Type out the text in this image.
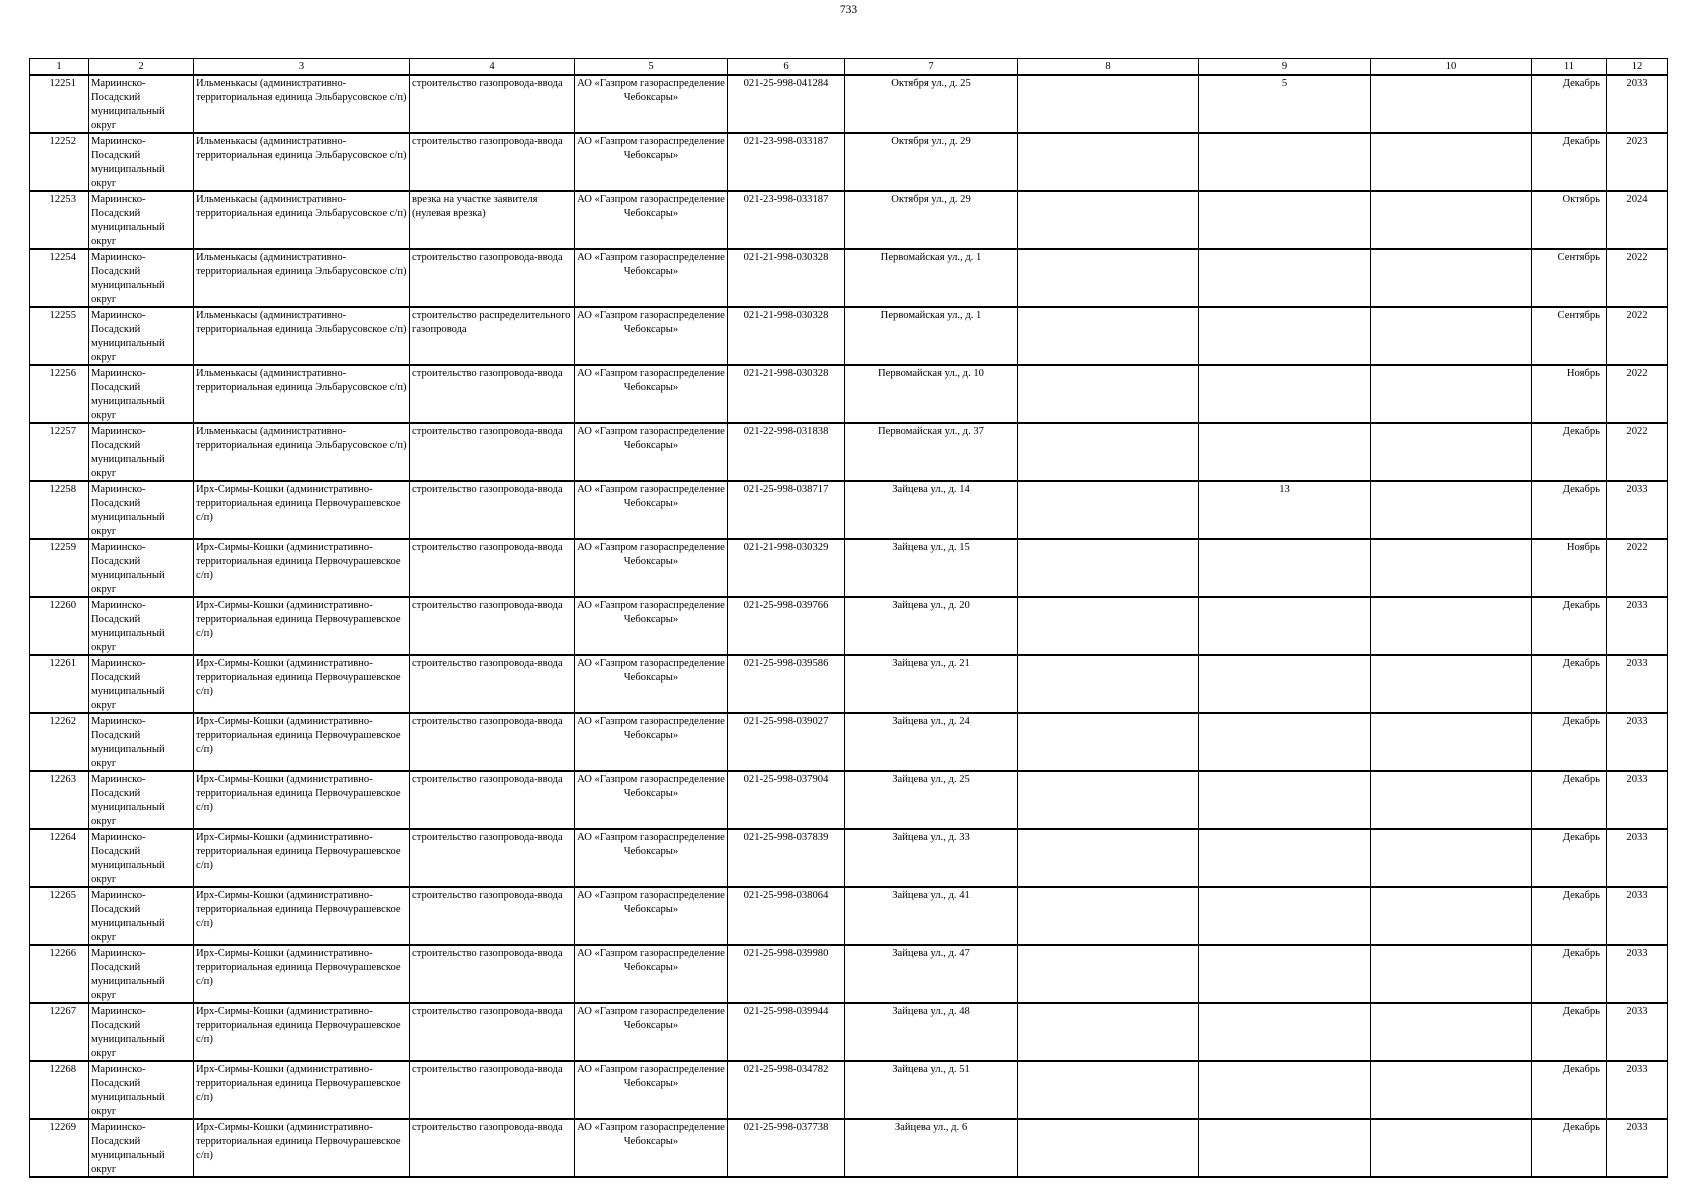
733
1	2	3	4	5	6	7	8	9	10	11	12

12251	Мариинско-Посадский муниципальный округ	Ильменькасы (административно-территориальная единица Эльбарусовское с/п)	строительство газопровода-ввода	АО «Газпром газораспределение Чебоксары»	021-25-998-041284	Октября ул., д. 25		5		Декабрь	2033

12252	Мариинско-Посадский муниципальный округ	Ильменькасы (административно-территориальная единица Эльбарусовское с/п)	строительство газопровода-ввода	АО «Газпром газораспределение Чебоксары»	021-23-998-033187	Октября ул., д. 29				Декабрь	2023

12253	Мариинско-Посадский муниципальный округ	Ильменькасы (административно-территориальная единица Эльбарусовское с/п)	врезка на участке заявителя (нулевая врезка)	АО «Газпром газораспределение Чебоксары»	021-23-998-033187	Октября ул., д. 29				Октябрь	2024

12254	Мариинско-Посадский муниципальный округ	Ильменькасы (административно-территориальная единица Эльбарусовское с/п)	строительство газопровода-ввода	АО «Газпром газораспределение Чебоксары»	021-21-998-030328	Первомайская ул., д. 1				Сентябрь	2022

12255	Мариинско-Посадский муниципальный округ	Ильменькасы (административно-территориальная единица Эльбарусовское с/п)	строительство распределительного газопровода	АО «Газпром газораспределение Чебоксары»	021-21-998-030328	Первомайская ул., д. 1				Сентябрь	2022

12256	Мариинско-Посадский муниципальный округ	Ильменькасы (административно-территориальная единица Эльбарусовское с/п)	строительство газопровода-ввода	АО «Газпром газораспределение Чебоксары»	021-21-998-030328	Первомайская ул., д. 10				Ноябрь	2022

12257	Мариинско-Посадский муниципальный округ	Ильменькасы (административно-территориальная единица Эльбарусовское с/п)	строительство газопровода-ввода	АО «Газпром газораспределение Чебоксары»	021-22-998-031838	Первомайская ул., д. 37				Декабрь	2022

12258	Мариинско-Посадский муниципальный округ	Ирх-Сирмы-Кошки (административно-территориальная единица Первочурашевское с/п)	строительство газопровода-ввода	АО «Газпром газораспределение Чебоксары»	021-25-998-038717	Зайцева ул., д. 14		13		Декабрь	2033

12259	Мариинско-Посадский муниципальный округ	Ирх-Сирмы-Кошки (административно-территориальная единица Первочурашевское с/п)	строительство газопровода-ввода	АО «Газпром газораспределение Чебоксары»	021-21-998-030329	Зайцева ул., д. 15				Ноябрь	2022

12260	Мариинско-Посадский муниципальный округ	Ирх-Сирмы-Кошки (административно-территориальная единица Первочурашевское с/п)	строительство газопровода-ввода	АО «Газпром газораспределение Чебоксары»	021-25-998-039766	Зайцева ул., д. 20				Декабрь	2033

12261	Мариинско-Посадский муниципальный округ	Ирх-Сирмы-Кошки (административно-территориальная единица Первочурашевское с/п)	строительство газопровода-ввода	АО «Газпром газораспределение Чебоксары»	021-25-998-039586	Зайцева ул., д. 21				Декабрь	2033

12262	Мариинско-Посадский муниципальный округ	Ирх-Сирмы-Кошки (административно-территориальная единица Первочурашевское с/п)	строительство газопровода-ввода	АО «Газпром газораспределение Чебоксары»	021-25-998-039027	Зайцева ул., д. 24				Декабрь	2033

12263	Мариинско-Посадский муниципальный округ	Ирх-Сирмы-Кошки (административно-территориальная единица Первочурашевское с/п)	строительство газопровода-ввода	АО «Газпром газораспределение Чебоксары»	021-25-998-037904	Зайцева ул., д. 25				Декабрь	2033

12264	Мариинско-Посадский муниципальный округ	Ирх-Сирмы-Кошки (административно-территориальная единица Первочурашевское с/п)	строительство газопровода-ввода	АО «Газпром газораспределение Чебоксары»	021-25-998-037839	Зайцева ул., д. 33				Декабрь	2033

12265	Мариинско-Посадский муниципальный округ	Ирх-Сирмы-Кошки (административно-территориальная единица Первочурашевское с/п)	строительство газопровода-ввода	АО «Газпром газораспределение Чебоксары»	021-25-998-038064	Зайцева ул., д. 41				Декабрь	2033

12266	Мариинско-Посадский муниципальный округ	Ирх-Сирмы-Кошки (административно-территориальная единица Первочурашевское с/п)	строительство газопровода-ввода	АО «Газпром газораспределение Чебоксары»	021-25-998-039980	Зайцева ул., д. 47				Декабрь	2033

12267	Мариинско-Посадский муниципальный округ	Ирх-Сирмы-Кошки (административно-территориальная единица Первочурашевское с/п)	строительство газопровода-ввода	АО «Газпром газораспределение Чебоксары»	021-25-998-039944	Зайцева ул., д. 48				Декабрь	2033

12268	Мариинско-Посадский муниципальный округ	Ирх-Сирмы-Кошки (административно-территориальная единица Первочурашевское с/п)	строительство газопровода-ввода	АО «Газпром газораспределение Чебоксары»	021-25-998-034782	Зайцева ул., д. 51				Декабрь	2033

12269	Мариинско-Посадский муниципальный округ	Ирх-Сирмы-Кошки (административно-территориальная единица Первочурашевское с/п)	строительство газопровода-ввода	АО «Газпром газораспределение Чебоксары»	021-25-998-037738	Зайцева ул., д. 6				Декабрь	2033
